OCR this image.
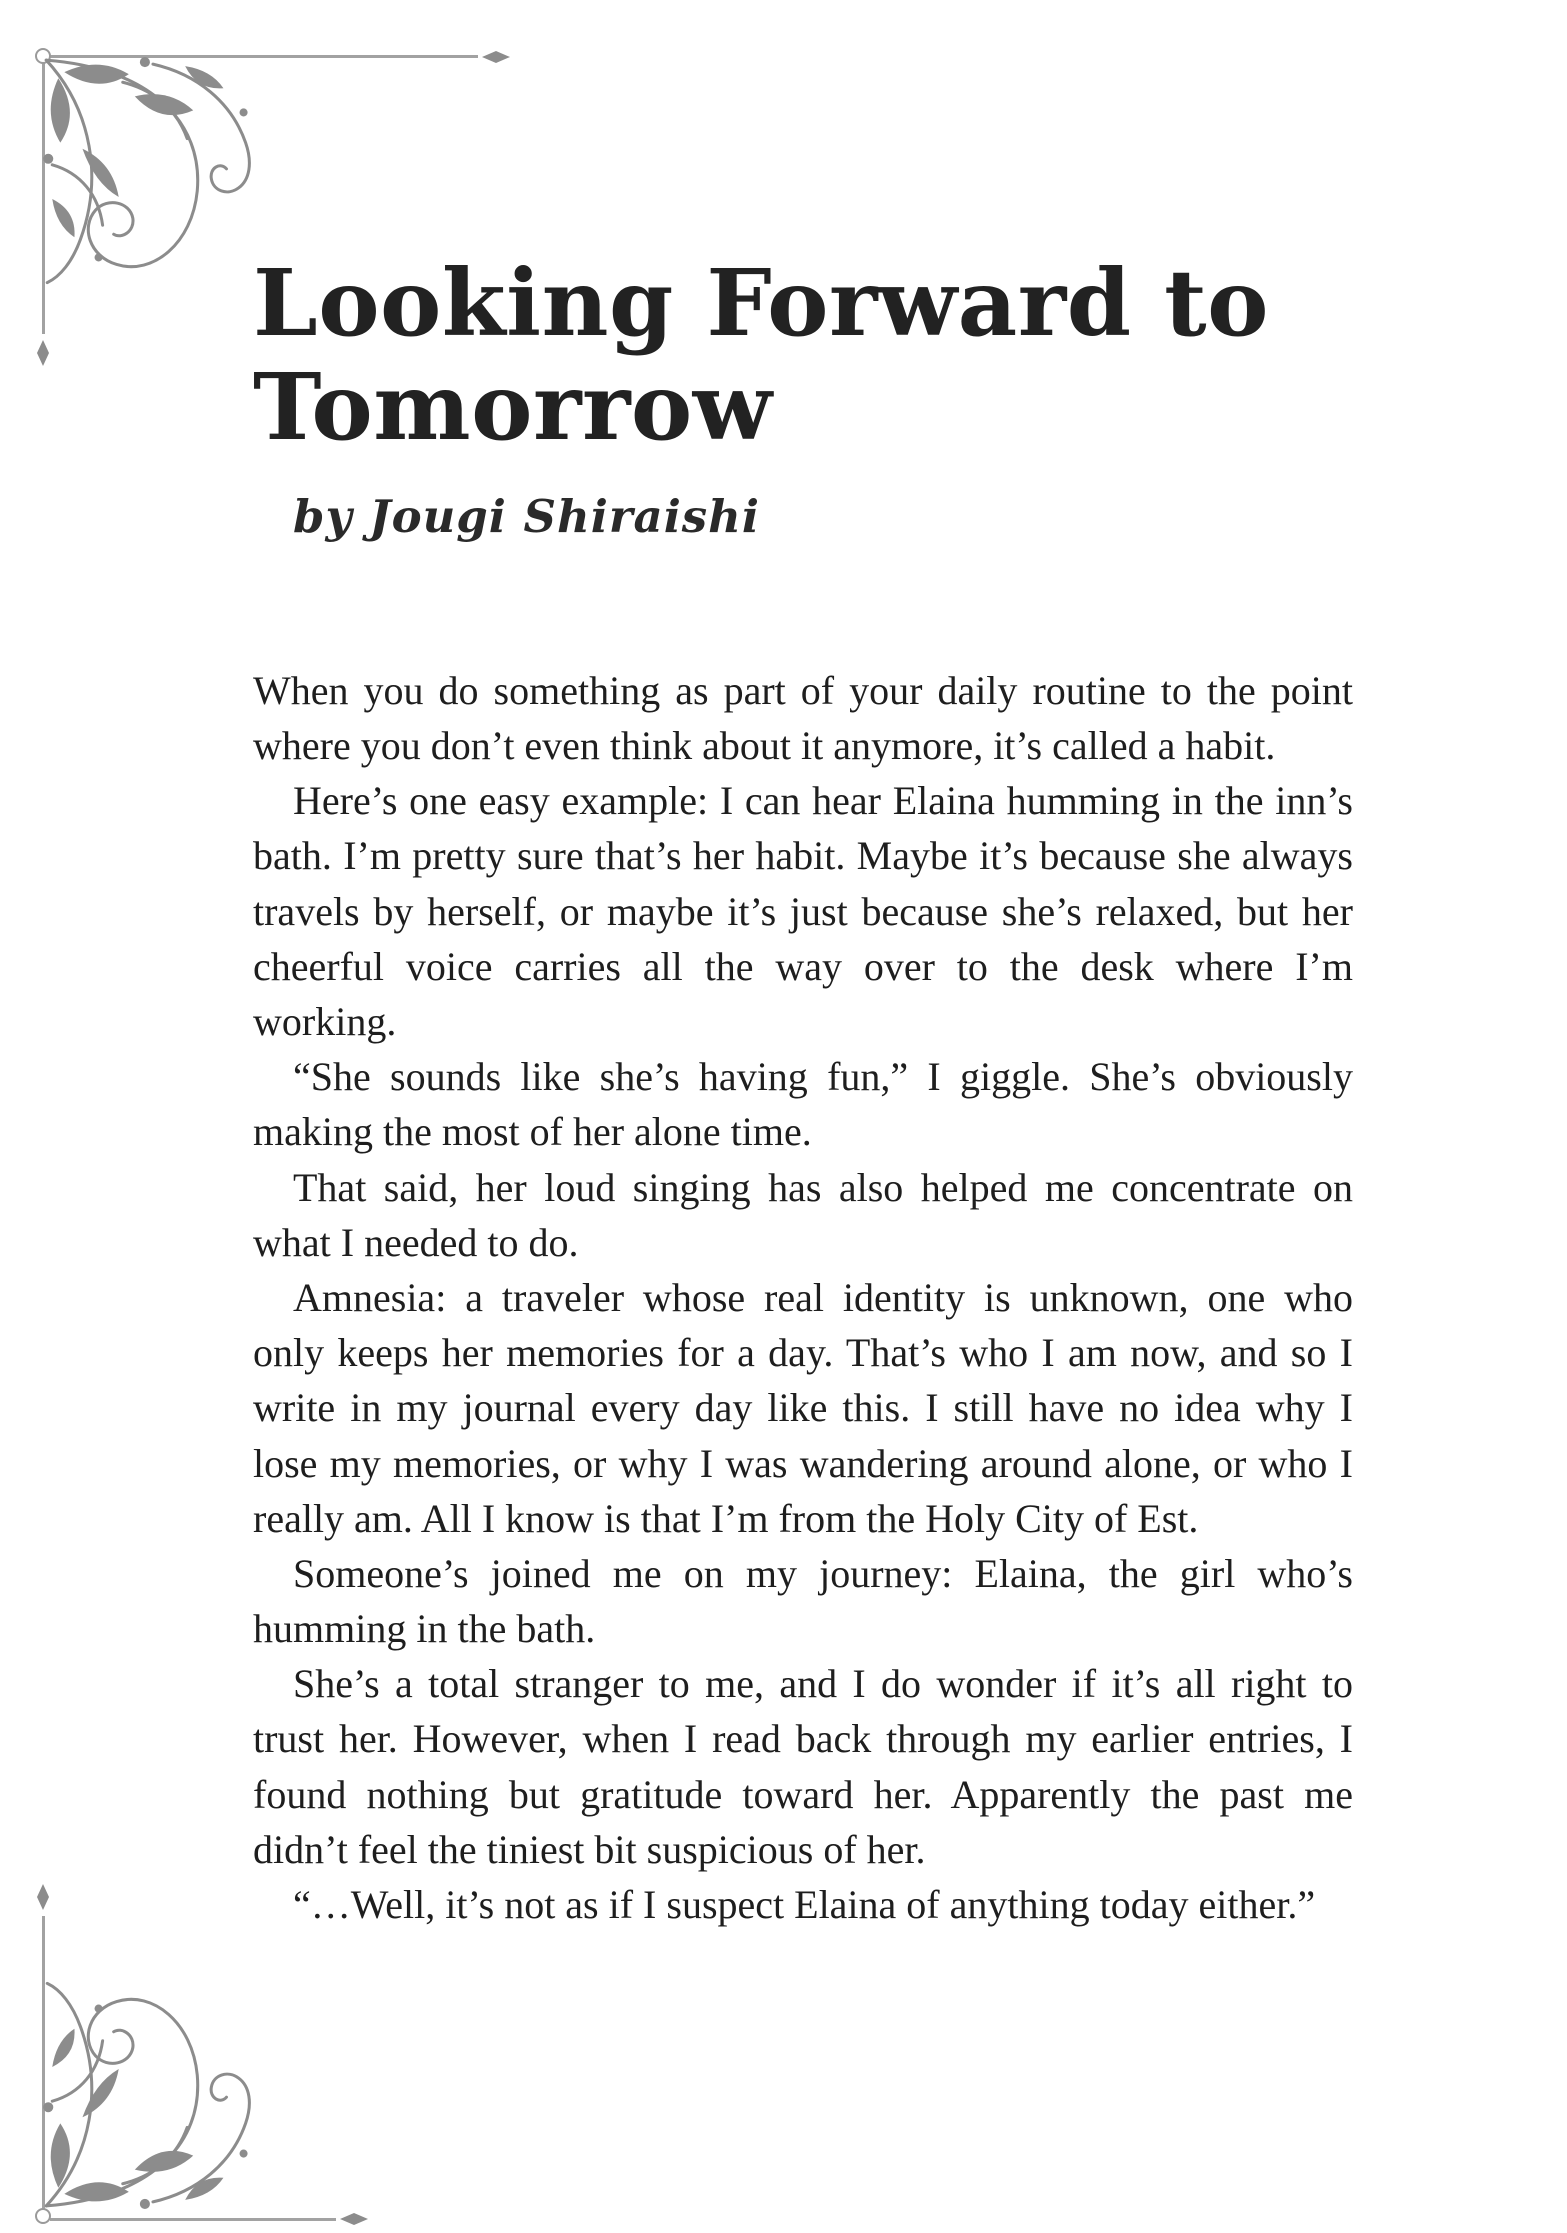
Looking Forward to Tomorrow
by Jougi Shiraishi

When you do something as part of your daily routine to the point where you don’t even think about it anymore, it’s called a habit.

Here’s one easy example: I can hear Elaina humming in the inn’s bath. I’m pretty sure that’s her habit. Maybe it’s because she always travels by herself, or maybe it’s just because she’s relaxed, but her cheerful voice carries all the way over to the desk where I’m working.

“She sounds like she’s having fun,” I giggle. She’s obviously making the most of her alone time.

That said, her loud singing has also helped me concentrate on what I needed to do.

Amnesia: a traveler whose real identity is unknown, one who only keeps her memories for a day. That’s who I am now, and so I write in my journal every day like this. I still have no idea why I lose my memories, or why I was wandering around alone, or who I really am. All I know is that I’m from the Holy City of Est.

Someone’s joined me on my journey: Elaina, the girl who’s humming in the bath.

She’s a total stranger to me, and I do wonder if it’s all right to trust her. However, when I read back through my earlier entries, I found nothing but gratitude toward her. Apparently the past me didn’t feel the tiniest bit suspicious of her.

“…Well, it’s not as if I suspect Elaina of anything today either.”
